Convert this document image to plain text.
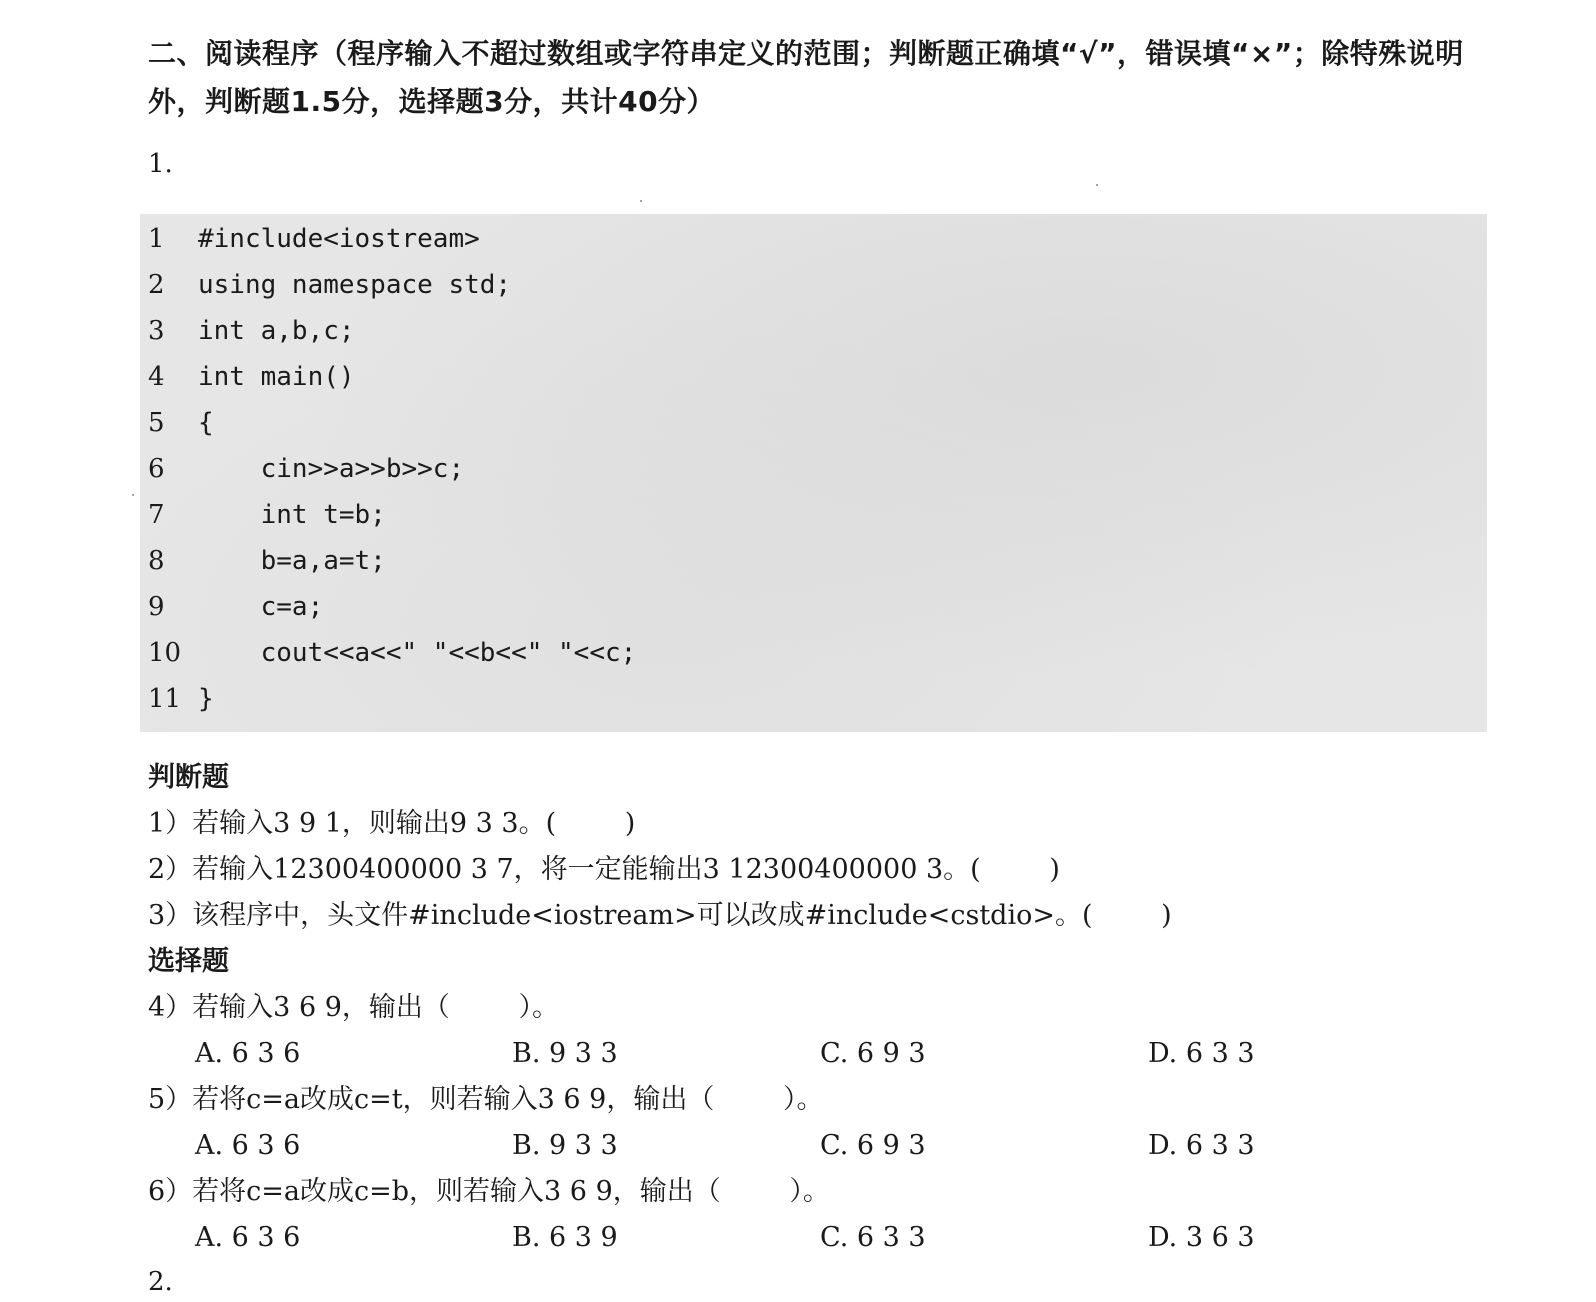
二、阅读程序（程序输入不超过数组或字符串定义的范围；判断题正确填“√”，错误填“×”；除特殊说明外，判断题1.5分，选择题3分，共计40分）
1.
1	#include<iostream>
2	using namespace std;
3	int a,b,c;
4	int main()
5	{
6	cin>>a>>b>>c;
7	int t=b;
8	b=a,a=t;
9	c=a;
10 cout<<a<<" "<<b<<" "<<c;
11 }
判断题
1）若输入3 9 1，则输出9 3 3。(        )
2）若输入12300400000 3 7，将一定能输出3 12300400000 3。(        )
3）该程序中，头文件#include<iostream>可以改成#include<cstdio>。(        )
选择题
4）若输入3 6 9，输出（        ）。
A. 6 3 6	B. 9 3 3	C. 6 9 3	D. 6 3 3
5）若将c=a改成c=t，则若输入3 6 9，输出（        ）。
A. 6 3 6	B. 9 3 3	C. 6 9 3	D. 6 3 3
6）若将c=a改成c=b，则若输入3 6 9，输出（        ）。
A. 6 3 6	B. 6 3 9	C. 6 3 3	D. 3 6 3
2.
